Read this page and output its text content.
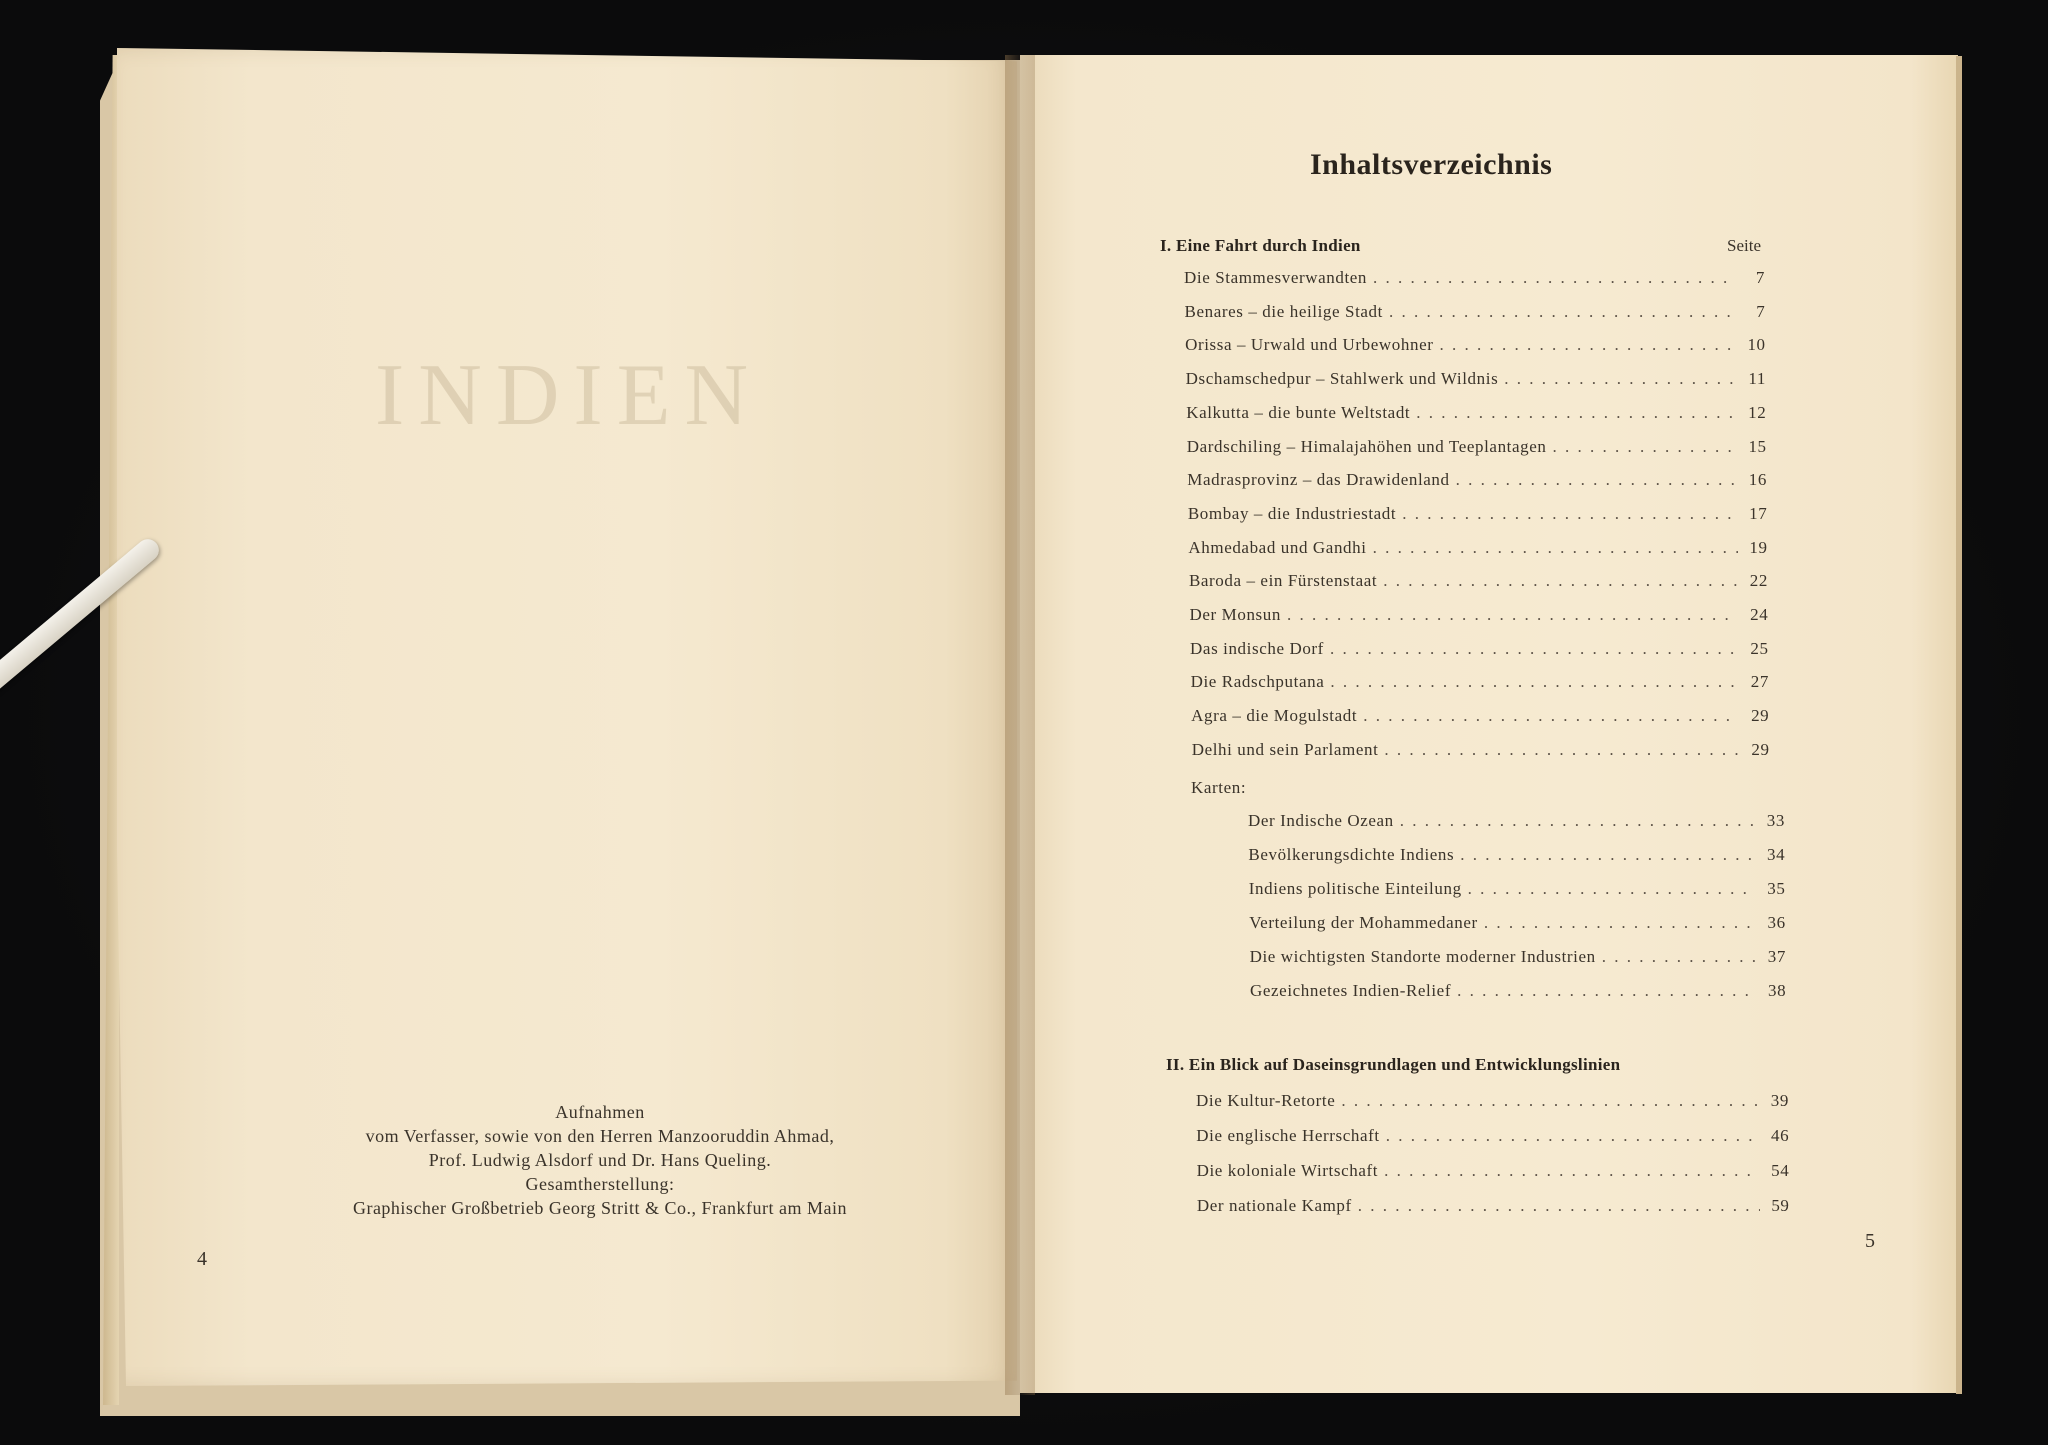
INDIEN
Aufnahmen
vom Verfasser, sowie von den Herren Manzooruddin Ahmad,
Prof. Ludwig Alsdorf und Dr. Hans Queling.
Gesamtherstellung:
Graphischer Großbetrieb Georg Stritt & Co., Frankfurt am Main
4
Inhaltsverzeichnis
I. Eine Fahrt durch Indien	Seite
Die Stammesverwandten . . .	7
Benares – die heilige Stadt . . .	7
Orissa – Urwald und Urbewohner . . .	10
Dschamschedpur – Stahlwerk und Wildnis . . .	11
Kalkutta – die bunte Weltstadt . . .	12
Dardschiling – Himalajahöhen und Teeplantagen . . .	15
Madrasprovinz – das Drawidenland . . .	16
Bombay – die Industriestadt . . .	17
Ahmedabad und Gandhi . . .	19
Baroda – ein Fürstenstaat . . .	22
Der Monsun . . .	24
Das indische Dorf . . .	25
Die Radschputana . . .	27
Agra – die Mogulstadt . . .	29
Delhi und sein Parlament . . .	29
Karten:
Der Indische Ozean . . .	33
Bevölkerungsdichte Indiens . . .	34
Indiens politische Einteilung . . .	35
Verteilung der Mohammedaner . . .	36
Die wichtigsten Standorte moderner Industrien . . .	37
Gezeichnetes Indien-Relief . . .	38
II. Ein Blick auf Daseinsgrundlagen und Entwicklungslinien
Die Kultur-Retorte . . .	39
Die englische Herrschaft . . .	46
Die koloniale Wirtschaft . . .	54
Der nationale Kampf . . .	59
5
